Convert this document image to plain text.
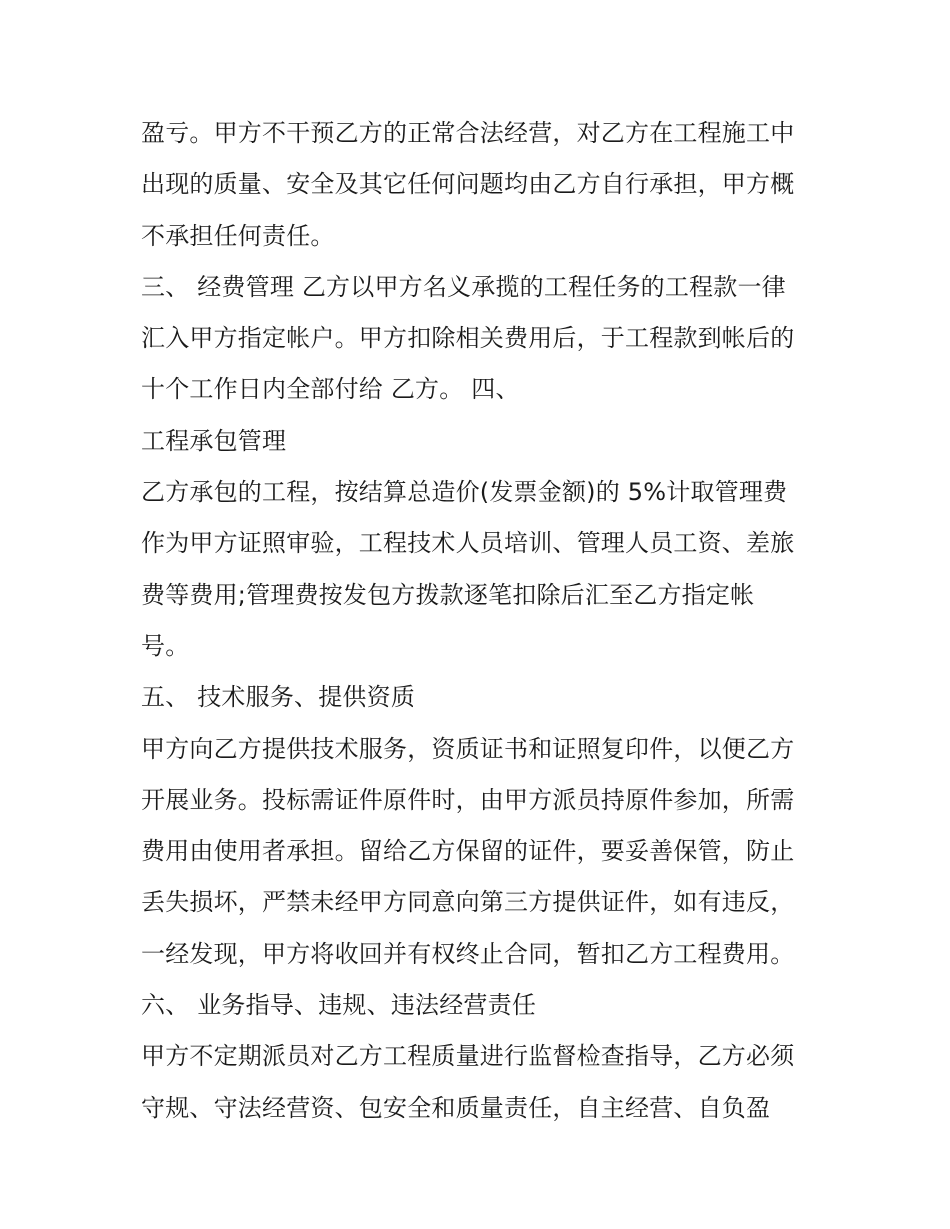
盈亏。甲方不干预乙方的正常合法经营，对乙方在工程施工中
出现的质量、安全及其它任何问题均由乙方自行承担，甲方概
不承担任何责任。
三、 经费管理 乙方以甲方名义承揽的工程任务的工程款一律
汇入甲方指定帐户。甲方扣除相关费用后，于工程款到帐后的
十个工作日内全部付给 乙方。 四、
工程承包管理
乙方承包的工程，按结算总造价(发票金额)的 5%计取管理费
作为甲方证照审验，工程技术人员培训、管理人员工资、差旅
费等费用;管理费按发包方拨款逐笔扣除后汇至乙方指定帐
号。
五、 技术服务、提供资质
甲方向乙方提供技术服务，资质证书和证照复印件，以便乙方
开展业务。投标需证件原件时，由甲方派员持原件参加，所需
费用由使用者承担。留给乙方保留的证件，要妥善保管，防止
丢失损坏，严禁未经甲方同意向第三方提供证件，如有违反，
一经发现，甲方将收回并有权终止合同，暂扣乙方工程费用。
六、 业务指导、违规、违法经营责任
甲方不定期派员对乙方工程质量进行监督检查指导，乙方必须
守规、守法经营资、包安全和质量责任，自主经营、自负盈
